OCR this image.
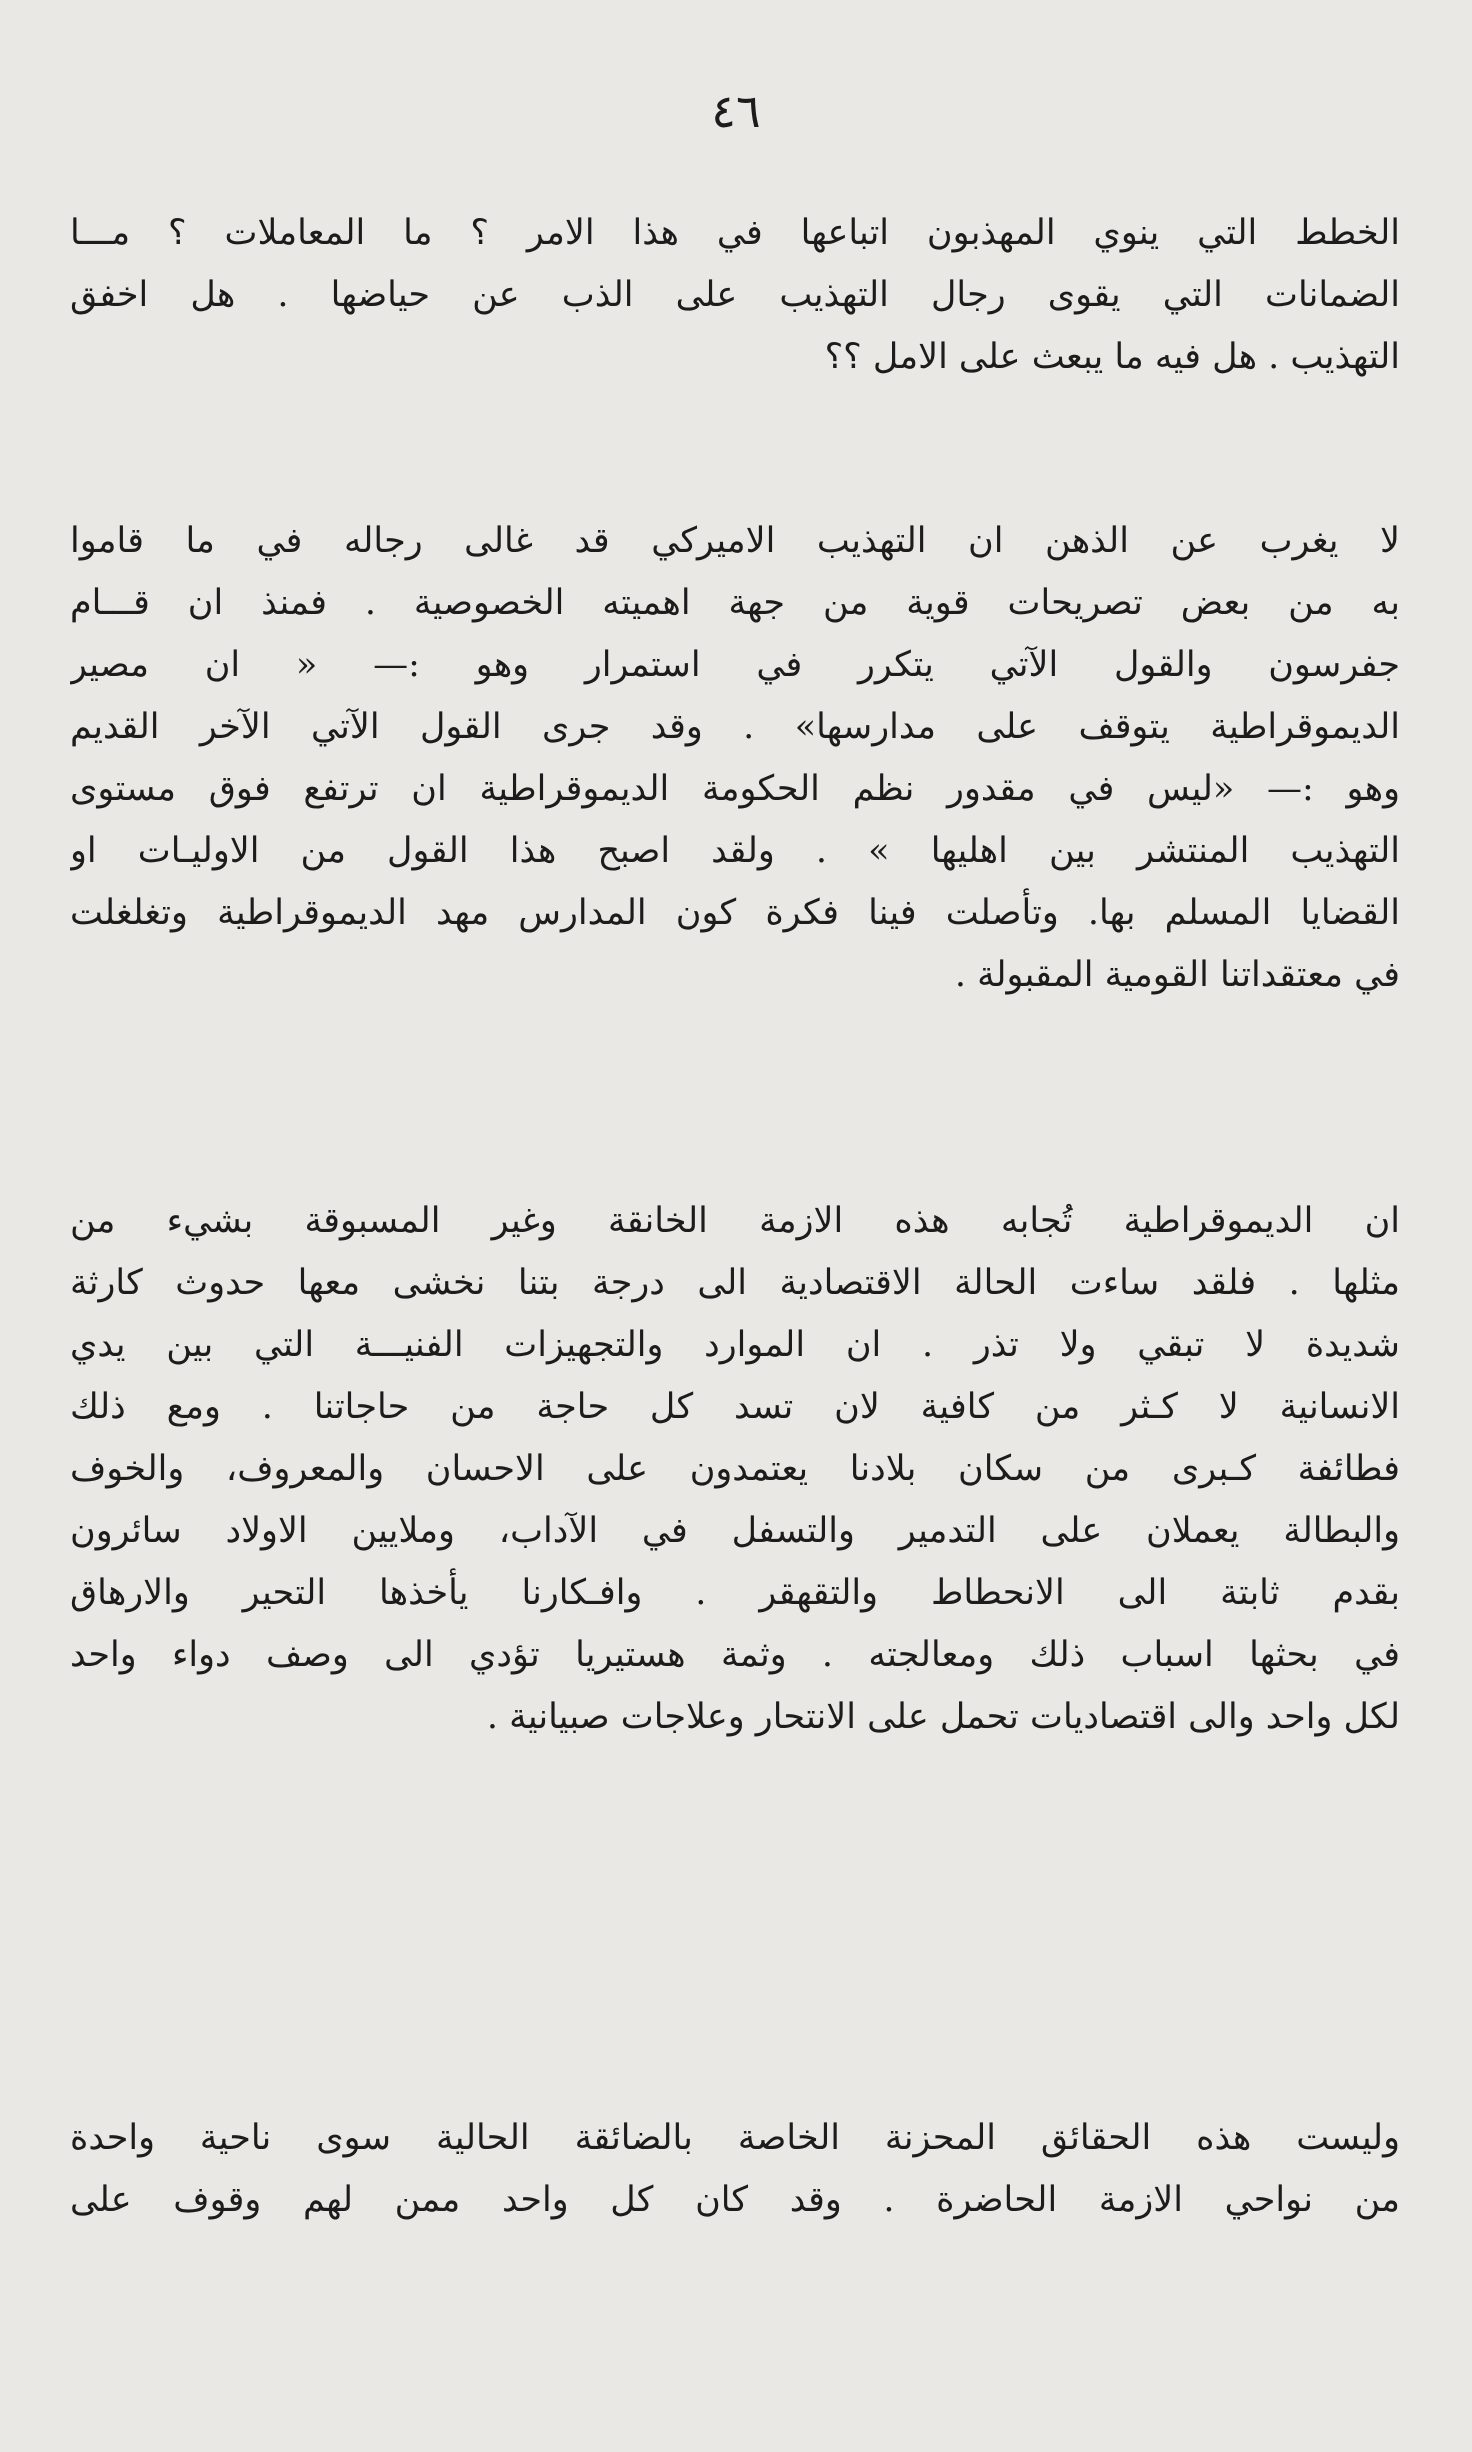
٤٦
الخطط التي ينوي المهذبون اتباعها في هذا الامر ؟ ما المعاملات ؟ مـــا
الضمانات التي يقوى رجال التهذيب على الذب عن حياضها . هل اخفق
التهذيب . هل فيه ما يبعث على الامل ؟؟
لا يغرب عن الذهن ان التهذيب الاميركي قد غالى رجاله في ما قاموا
به من بعض تصريحات قوية من جهة اهميته الخصوصية . فمنذ ان قـــام
جفرسون والقول الآتي يتكرر في استمرار وهو :— « ان مصير
الديموقراطية يتوقف على مدارسها» . وقد جرى القول الآتي الآخر القديم
وهو :— «ليس في مقدور نظم الحكومة الديموقراطية ان ترتفع فوق مستوى
التهذيب المنتشر بين اهليها » . ولقد اصبح هذا القول من الاوليـات او
القضايا المسلم بها. وتأصلت فينا فكرة كون المدارس مهد الديموقراطية وتغلغلت
في معتقداتنا القومية المقبولة .
ان الديموقراطية تُجابه هذه الازمة الخانقة وغير المسبوقة بشيء من
مثلها . فلقد ساءت الحالة الاقتصادية الى درجة بتنا نخشى معها حدوث كارثة
شديدة لا تبقي ولا تذر . ان الموارد والتجهيزات الفنيـــة التي بين يدي
الانسانية لا كـثر من كافية لان تسد كل حاجة من حاجاتنا . ومع ذلك
فطائفة كـبرى من سكان بلادنا يعتمدون على الاحسان والمعروف، والخوف
والبطالة يعملان على التدمير والتسفل في الآداب، وملايين الاولاد سائرون
بقدم ثابتة الى الانحطاط والتقهقر . وافـكارنا يأخذها التحير والارهاق
في بحثها اسباب ذلك ومعالجته . وثمة هستيريا تؤدي الى وصف دواء واحد
لكل واحد والى اقتصاديات تحمل على الانتحار وعلاجات صبيانية .
وليست هذه الحقائق المحزنة الخاصة بالضائقة الحالية سوى ناحية واحدة
من نواحي الازمة الحاضرة . وقد كان كل واحد ممن لهم وقوف على
